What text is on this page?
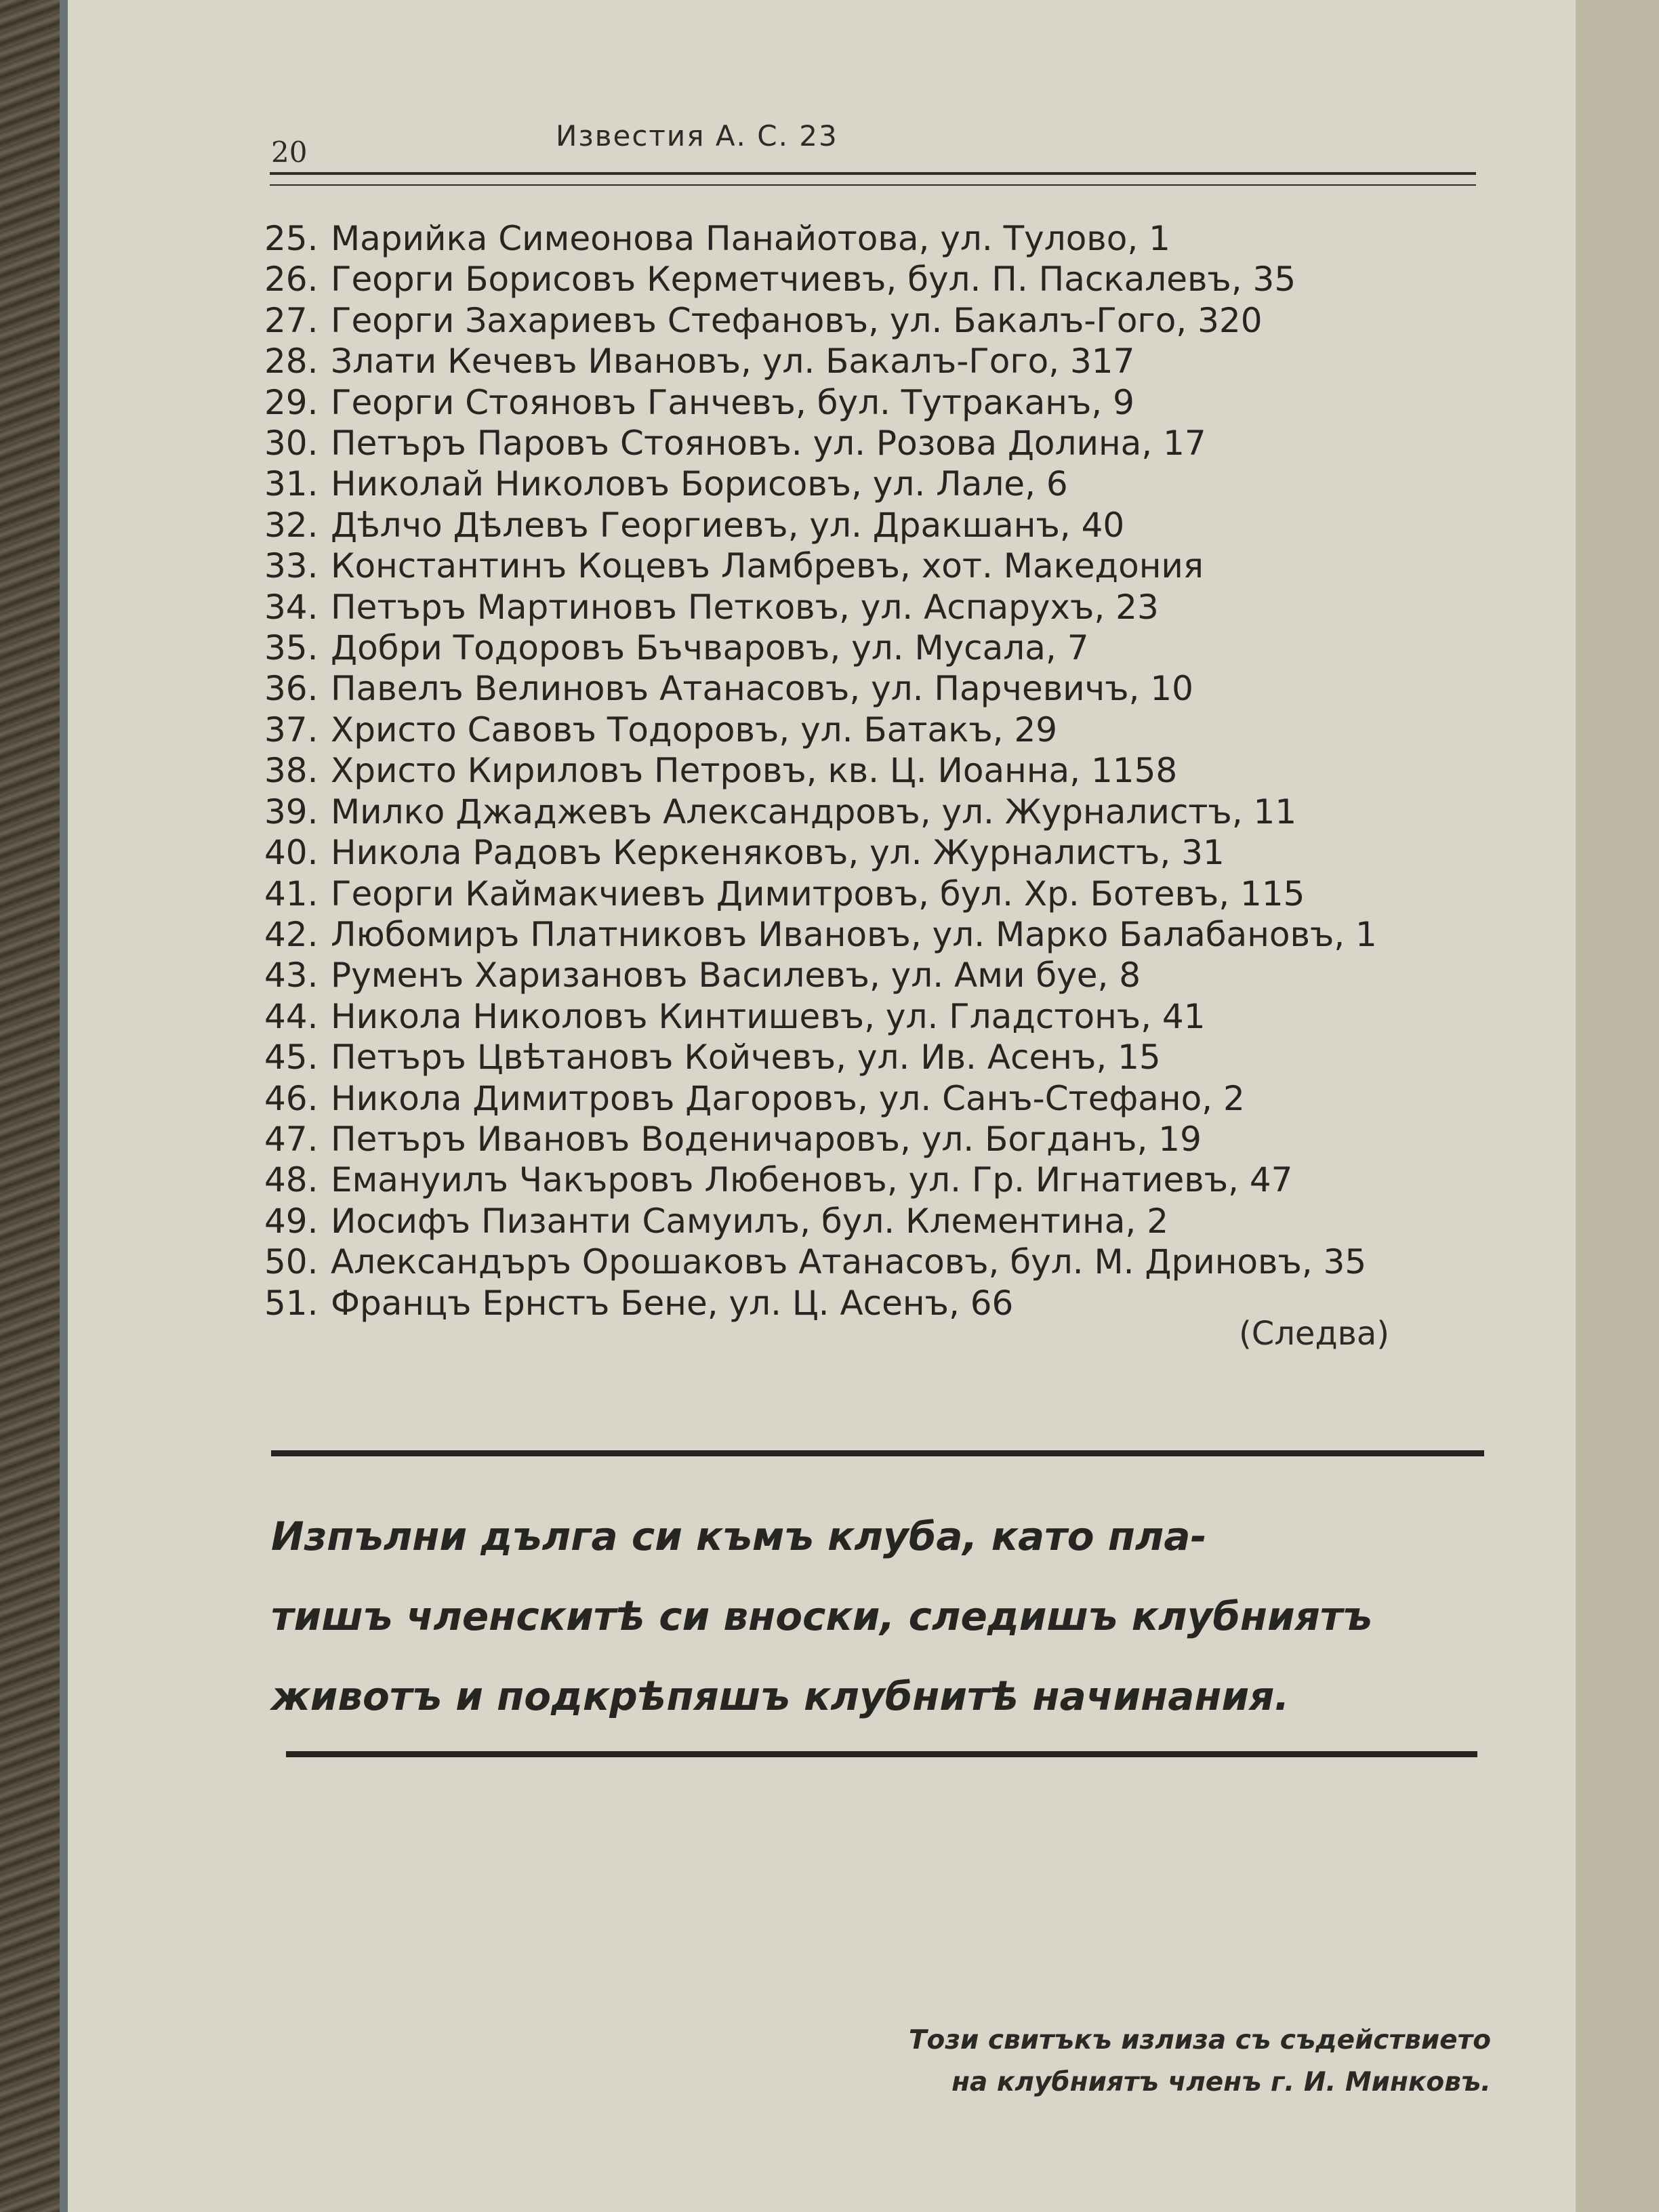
20	Известия А. С. 23

25. Марийка Симеонова Панайотова, ул. Тулово, 1
26. Георги Борисовъ Керметчиевъ, бул. П. Паскалевъ, 35
27. Георги Захариевъ Стефановъ, ул. Бакалъ-Гого, 320
28. Злати Кечевъ Ивановъ, ул. Бакалъ-Гого, 317
29. Георги Стояновъ Ганчевъ, бул. Тутраканъ, 9
30. Петъръ Паровъ Стояновъ. ул. Розова Долина, 17
31. Николай Николовъ Борисовъ, ул. Лале, 6
32. Дѣлчо Дѣлевъ Георгиевъ, ул. Дракшанъ, 40
33. Константинъ Коцевъ Ламбревъ, хот. Македония
34. Петъръ Мартиновъ Петковъ, ул. Аспарухъ, 23
35. Добри Тодоровъ Бъчваровъ, ул. Мусала, 7
36. Павелъ Велиновъ Атанасовъ, ул. Парчевичъ, 10
37. Христо Савовъ Тодоровъ, ул. Батакъ, 29
38. Христо Кириловъ Петровъ, кв. Ц. Иоанна, 1158
39. Милко Джаджевъ Александровъ, ул. Журналистъ, 11
40. Никола Радовъ Керкеняковъ, ул. Журналистъ, 31
41. Георги Каймакчиевъ Димитровъ, бул. Хр. Ботевъ, 115
42. Любомиръ Платниковъ Ивановъ, ул. Марко Балабановъ, 1
43. Руменъ Харизановъ Василевъ, ул. Ами буе, 8
44. Никола Николовъ Кинтишевъ, ул. Гладстонъ, 41
45. Петъръ Цвѣтановъ Койчевъ, ул. Ив. Асенъ, 15
46. Никола Димитровъ Дагоровъ, ул. Санъ-Стефано, 2
47. Петъръ Ивановъ Воденичаровъ, ул. Богданъ, 19
48. Емануилъ Чакъровъ Любеновъ, ул. Гр. Игнатиевъ, 47
49. Иосифъ Пизанти Самуилъ, бул. Клементина, 2
50. Александъръ Орошаковъ Атанасовъ, бул. М. Дриновъ, 35
51. Францъ Ернстъ Бене, ул. Ц. Асенъ, 66

(Следва)

Изпълни дълга си къмъ клуба, като пла-
тишъ членскитѣ си вноски, следишъ клубниятъ
животъ и подкрѣпяшъ клубнитѣ начинания.

Този свитъкъ излиза съ съдействието
на клубниятъ членъ г. И. Минковъ.
